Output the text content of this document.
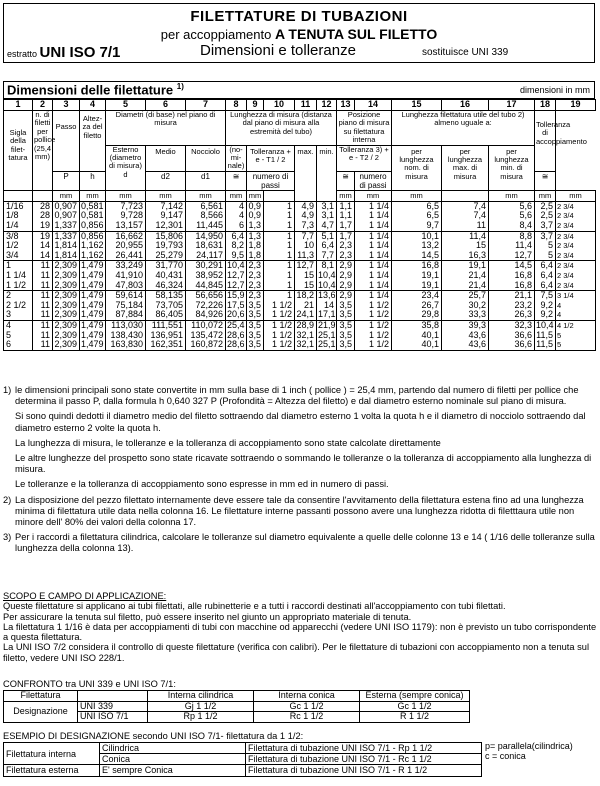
FILETTATURE DI TUBAZIONI
per accoppiamento A TENUTA SUL FILETTO
estratto UNI ISO 7/1	Dimensioni e tolleranze	sostituisce UNI 339
Dimensioni delle filettature $^{1)}$	dimensioni in mm
1	2	3	4	5	6	7	8	9	10	11	12	13	14	15	16	17	18	19	
Sigla della filet-tatura	n. di filetti per pollice (25,4 mm)	Passo	Altez-za del filetto	Diametri (di base) nel piano di misura			Lunghezza di misura (distanza dal piano di misura alla estremità del tubo)					Posizione piano di misura su filettatura interna		Lunghezza filettatura utile del tubo 2) almeno uguale a:			Tolleranza di accoppiamento		
				Esterno (diametro di misura) d	Medio	Nocciolo	(no-mi-nale)	Tolleranza + e - T1 / 2		max.	min.	Tolleranza 3) + e - T2 / 2		per lunghezza nom. di misura	per lunghezza max. di misura	per lunghezza min. di misura			
		P	h		d2	d1	≅	numero di passi				≅	numero di passi				≅		
		mm	mm	mm	mm	mm	mm	mm				mm	mm	mm		mm	mm	mm		
1/16	28	0,907	0,581	7,723	7,142	6,561	4	0,9	1	4,9	3,1	1,1	1 1/4	6,5	7,4	5,6	2,5	2 3/4	
1/8	28	0,907	0,581	9,728	9,147	8,566	4	0,9	1	4,9	3,1	1,1	1 1/4	6,5	7,4	5,6	2,5	2 3/4	
1/4	19	1,337	0,856	13,157	12,301	11,445	6	1,3	1	7,3	4,7	1,7	1 1/4	9,7	11	8,4	3,7	2 3/4	
3/8	19	1,337	0,856	16,662	15,806	14,950	6,4	1,3	1	7,7	5,1	1,7	1 1/4	10,1	11,4	8,8	3,7	2 3/4	
1/2	14	1,814	1,162	20,955	19,793	18,631	8,2	1,8	1	10	6,4	2,3	1 1/4	13,2	15	11,4	5	2 3/4	
3/4	14	1,814	1,162	26,441	25,279	24,117	9,5	1,8	1	11,3	7,7	2,3	1 1/4	14,5	16,3	12,7	5	2 3/4	
1	11	2,309	1,479	33,249	31,770	30,291	10,4	2,3	1	12,7	8,1	2,9	1 1/4	16,8	19,1	14,5	6,4	2 3/4	
1 1/4	11	2,309	1,479	41,910	40,431	38,952	12,7	2,3	1	15	10,4	2,9	1 1/4	19,1	21,4	16,8	6,4	2 3/4	
1 1/2	11	2,309	1,479	47,803	46,324	44,845	12,7	2,3	1	15	10,4	2,9	1 1/4	19,1	21,4	16,8	6,4	2 3/4	
2	11	2,309	1,479	59,614	58,135	56,656	15,9	2,3	1	18,2	13,6	2,9	1 1/4	23,4	25,7	21,1	7,5	3 1/4	
2 1/2	11	2,309	1,479	75,184	73,705	72,226	17,5	3,5	1 1/2	21	14	3,5	1 1/2	26,7	30,2	23,2	9,2	4	
3	11	2,309	1,479	87,884	86,405	84,926	20,6	3,5	1 1/2	24,1	17,1	3,5	1 1/2	29,8	33,3	26,3	9,2	4	
4	11	2,309	1,479	113,030	111,551	110,072	25,4	3,5	1 1/2	28,9	21,9	3,5	1 1/2	35,8	39,3	32,3	10,4	4 1/2	
5	11	2,309	1,479	138,430	136,951	135,472	28,6	3,5	1 1/2	32,1	25,1	3,5	1 1/2	40,1	43,6	36,6	11,5	5	
6	11	2,309	1,479	163,830	162,351	160,872	28,6	3,5	1 1/2	32,1	25,1	3,5	1 1/2	40,1	43,6	36,6	11,5	5	
1) le dimensioni principali sono state convertite in mm sulla base di 1 inch ( pollice ) = 25,4 mm, partendo dal numero di filetti per pollice che determina il passo P, dalla formula h 0,640 327 P (Profondità = Altezza del filetto) e dal diametro esterno nominale sul piano di misura.
Si sono quindi dedotti il diametro medio del filetto sottraendo dal diametro esterno 1 volta la quota h e il diametro di nocciolo sottraendo dal diametro esterno 2 volte la quota h.
La lunghezza di misura, le tolleranze e la tolleranza di accoppiamento sono state calcolate direttamente
Le altre lunghezze del prospetto sono state ricavate sottraendo o sommando le tolleranze o la tolleranza di accoppiamento alla lunghezza di misura.
Le tolleranze e la tolleranza di accoppiamento sono espresse in mm ed in numero di passi.
2) La disposizione del pezzo filettato internamente deve essere tale da consentire l'avvitamento della filettatura estena fino ad una lunghezza minima di filettatura utile data nella colonna 16. Le filettature interne passanti possono avere una lunghezza ridotta di filetttaura utile non minore dell' 80% dei valori della colonna 17.
3) Per i raccordi a filettatura cilindrica, calcolare le tolleranze sul diametro equivalente a quelle delle colonne 13 e 14 ( 1/16 delle tolleranze sulla lunghezza della colonna 13).
SCOPO E CAMPO DI APPLICAZIONE:
Queste filettature si applicano ai tubi filettati, alle rubinetterie e a tutti i raccordi destinati all'accoppiamento con tubi filettati.
Per assicurare la tenuta sul filetto, può essere inserito nel giunto un appropriato materiale di tenuta.
La filettatura 1 1/16 è data per accoppiamenti di tubi con macchine od apparecchi (vedere UNI ISO 1179): non è previsto un tubo corrispondente a questa filettatura.
La UNI ISO 7/2 considera il controllo di queste filettature (verifica con calibri). Per le filettature di tubazioni con accoppiamento non a tenuta sul filetto, vedere UNI ISO 228/1.
CONFRONTO tra UNI 339 e UNI ISO 7/1:
Filettatura		Interna cilindrica	Interna conica	Esterna (sempre conica)
Designazione	UNI 339	Gj 1 1/2	Gc 1 1/2	Gc 1 1/2
	UNI ISO 7/1	Rp 1 1/2	Rc 1 1/2	R 1 1/2
ESEMPIO DI DESIGNAZIONE secondo UNI ISO 7/1- filettatura da 1 1/2:
Filettatura interna	Cilindrica	Filettatura di tubazione UNI ISO 7/1 - Rp 1 1/2
	Conica	Filettatura di tubazione UNI ISO 7/1 - Rc 1 1/2
Filettatura esterna	E' sempre Conica	Filettatura di tubazione UNI ISO 7/1 - R 1 1/2
p= parallela(cilindrica)
c = conica
